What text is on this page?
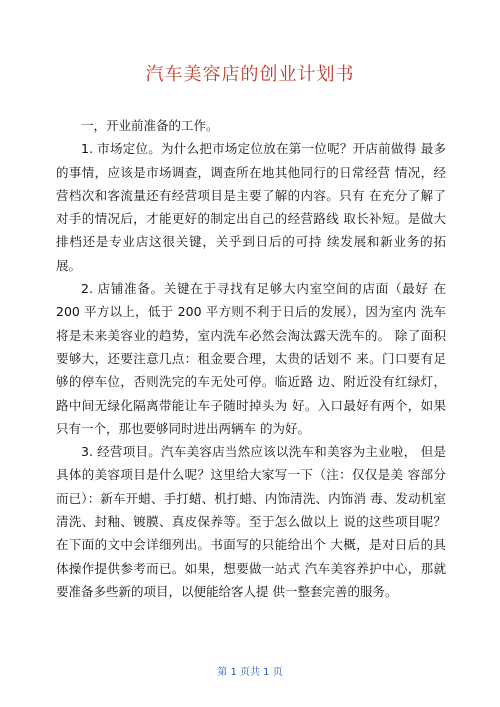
汽车美容店的创业计划书

一，开业前准备的工作。

1. 市场定位。为什么把市场定位放在第一位呢？开店前做得 最多的事情，应该是市场调查，调查所在地其他同行的日常经营 情况，经营档次和客流量还有经营项目是主要了解的内容。只有 在充分了解了对手的情况后，才能更好的制定出自己的经营路线 取长补短。是做大排档还是专业店这很关键，关乎到日后的可持 续发展和新业务的拓展。

2. 店铺准备。关键在于寻找有足够大内室空间的店面（最好 在 200 平方以上，低于 200 平方则不利于日后的发展），因为室内 洗车将是未来美容业的趋势，室内洗车必然会淘汰露天洗车的。 除了面积要够大，还要注意几点：租金要合理，太贵的话划不 来。门口要有足够的停车位，否则洗完的车无处可停。临近路 边、附近没有红绿灯，路中间无绿化隔离带能让车子随时掉头为 好。入口最好有两个，如果只有一个，那也要够同时进出两辆车 的为好。

3. 经营项目。汽车美容店当然应该以洗车和美容为主业啦， 但是具体的美容项目是什么呢？这里给大家写一下（注：仅仅是美 容部分而已）：新车开蜡、手打蜡、机打蜡、内饰清洗、内饰消 毒、发动机室清洗、封釉、镀膜、真皮保养等。至于怎么做以上 说的这些项目呢？在下面的文中会详细列出。书面写的只能给出个 大概，是对日后的具体操作提供参考而已。如果，想要做一站式 汽车美容养护中心，那就要准备多些新的项目，以便能给客人提 供一整套完善的服务。

第 1 页共 1 页
